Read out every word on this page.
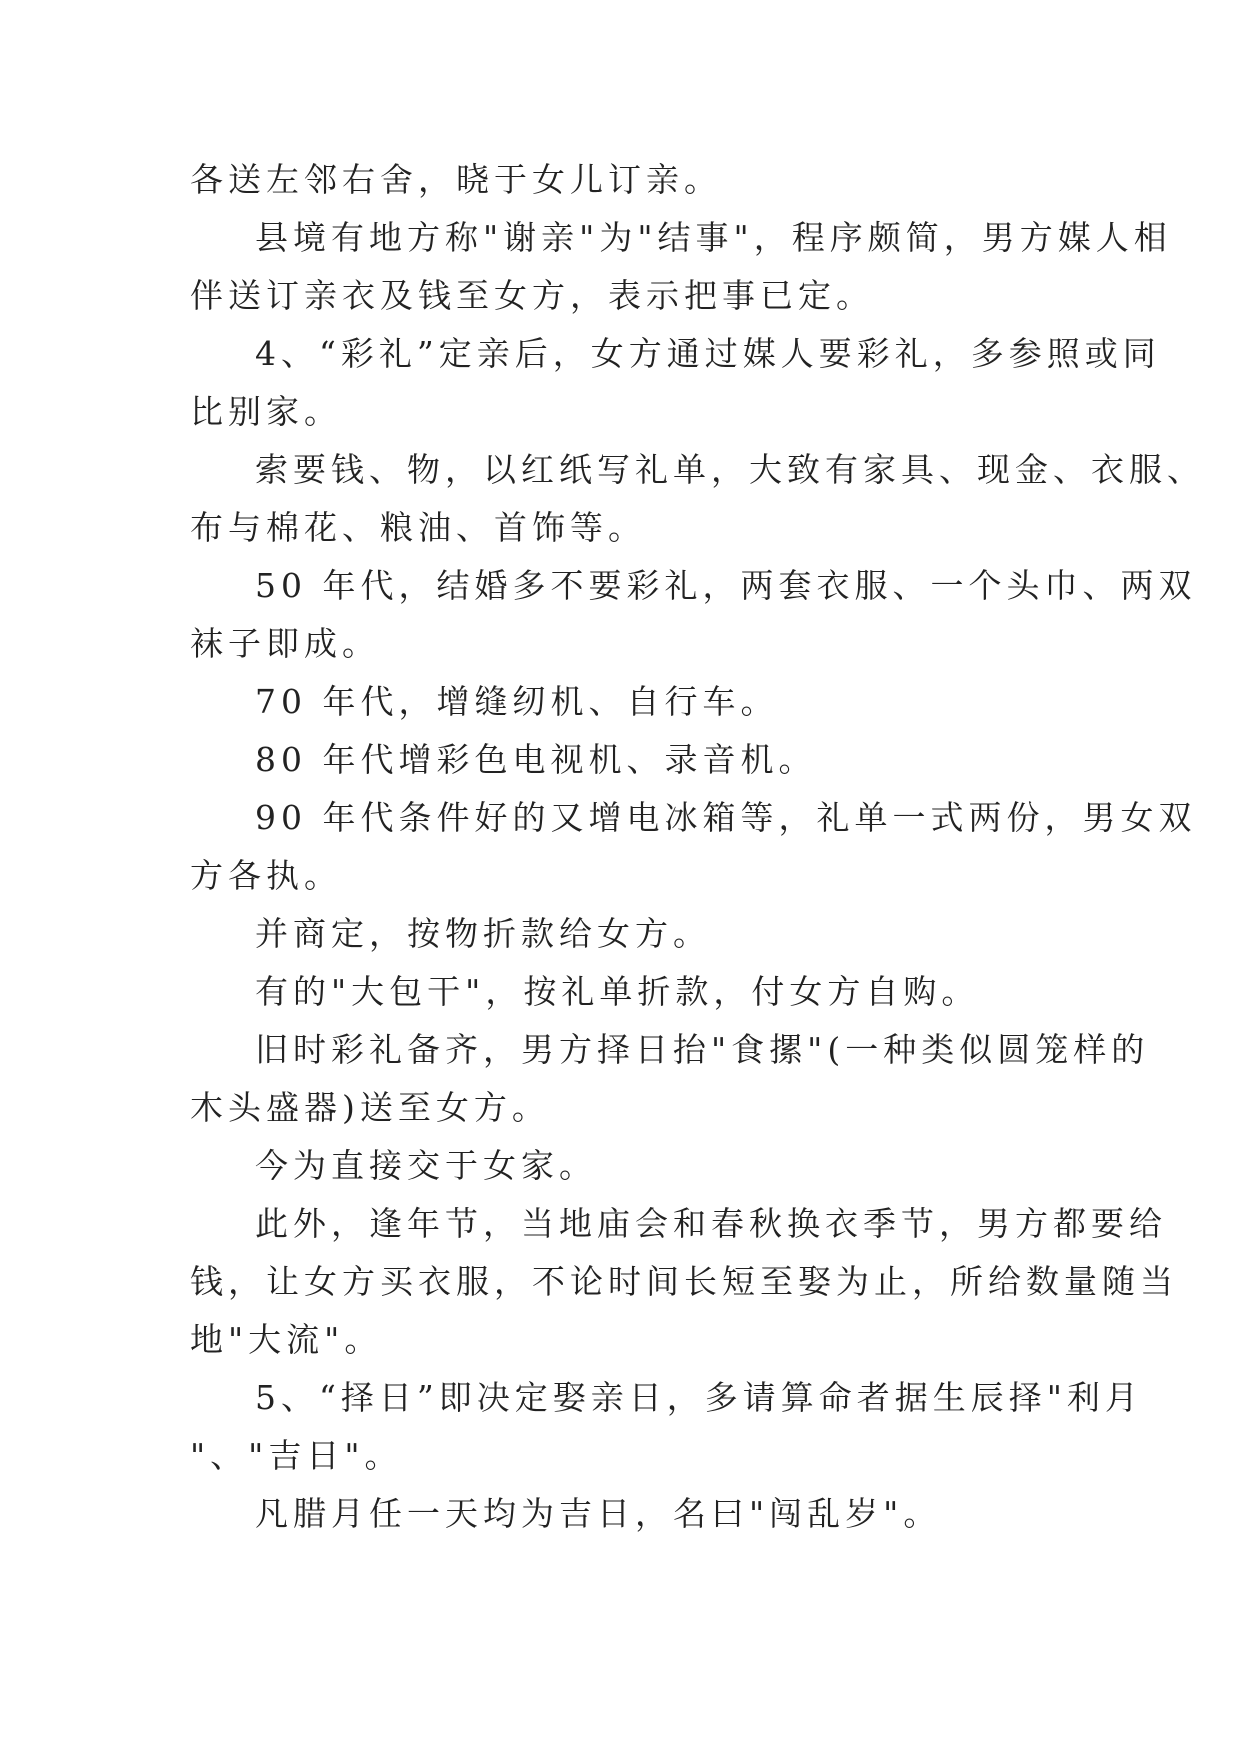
各送左邻右舍，晓于女儿订亲。
县境有地方称"谢亲"为"结事"，程序颇简，男方媒人相
伴送订亲衣及钱至女方，表示把事已定。
4、“彩礼”定亲后，女方通过媒人要彩礼，多参照或同
比别家。
索要钱、物，以红纸写礼单，大致有家具、现金、衣服、
布与棉花、粮油、首饰等。
50 年代，结婚多不要彩礼，两套衣服、一个头巾、两双
袜子即成。
70 年代，增缝纫机、自行车。
80 年代增彩色电视机、录音机。
90 年代条件好的又增电冰箱等，礼单一式两份，男女双
方各执。
并商定，按物折款给女方。
有的"大包干"，按礼单折款，付女方自购。
旧时彩礼备齐，男方择日抬"食摞"(一种类似圆笼样的
木头盛器)送至女方。
今为直接交于女家。
此外，逢年节，当地庙会和春秋换衣季节，男方都要给
钱，让女方买衣服，不论时间长短至娶为止，所给数量随当
地"大流"。
5、“择日”即决定娶亲日，多请算命者据生辰择"利月
"、"吉日"。
凡腊月任一天均为吉日，名曰"闯乱岁"。
